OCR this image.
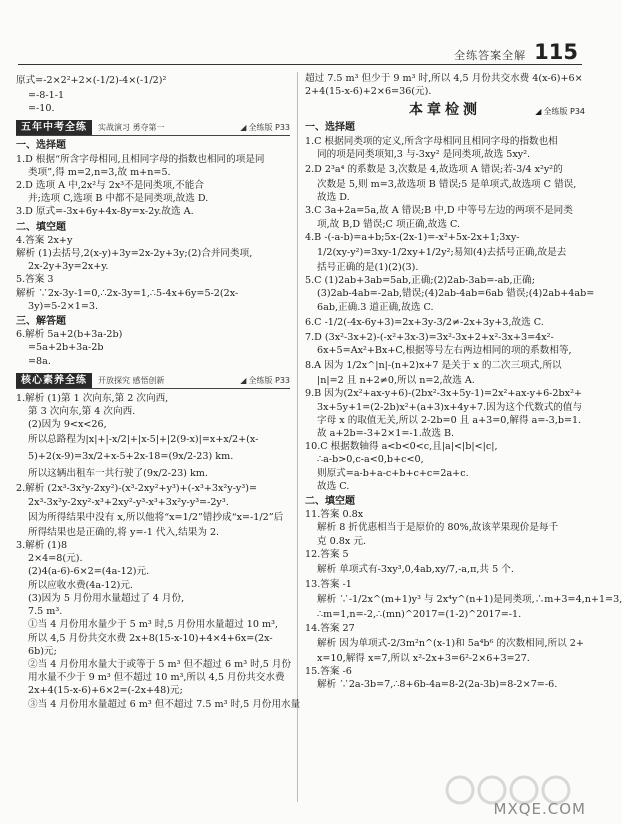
全练答案全解 115
原式=-2×2²+2×(-1/2)-4×(-1/2)²
=-8-1-1
=-10.
五年中考全练	实战演习 勇夺第一	◢ 全练版 P33
一、选择题
1.D 根据“所含字母相同,且相同字母的指数也相同的项是同
类项”,得 m=2,n=3,故 m+n=5.
2.D 选项 A 中,2x²与 2x³不是同类项,不能合
并;选项 C,选项 B 中都不是同类项,故选 D.
3.D 原式=-3x+6y+4x-8y=x-2y.故选 A.
二、填空题
4.答案 2x+y
解析 (1)去括号,2(x-y)+3y=2x-2y+3y;(2)合并同类项,
2x-2y+3y=2x+y.
5.答案 3
解析 ∵2x-3y-1=0,∴2x-3y=1,∴5-4x+6y=5-2(2x-
3y)=5-2×1=3.
三、解答题
6.解析 5a+2(b+3a-2b)
=5a+2b+3a-2b
=8a.
核心素养全练	开放探究 感悟创新	◢ 全练版 P33
1.解析 (1)第 1 次向东,第 2 次向西,
第 3 次向东,第 4 次向西.
(2)因为 9<x<26,
所以总路程为|x|+|-x/2|+|x-5|+|2(9-x)|=x+x/2+(x-
5)+2(x-9)=3x/2+x-5+2x-18=(9x/2-23) km.
所以这辆出租车一共行驶了(9x/2-23) km.
2.解析 (2x³-3x²y-2xy²)-(x³-2xy²+y³)+(-x³+3x²y-y³)=
2x³-3x²y-2xy²-x³+2xy²-y³-x³+3x²y-y³=-2y³.
因为所得结果中没有 x,所以他将“x=1/2”错抄成“x=-1/2”后
所得结果也是正确的,将 y=-1 代入,结果为 2.
3.解析 (1)8
2×4=8(元).
(2)4(a-6)-6×2=(4a-12)元.
所以应收水费(4a-12)元.
(3)因为 5 月份用水量超过了 4 月份,
7.5 m³.
①当 4 月份用水量少于 5 m³ 时,5 月份用水量超过 10 m³,
所以 4,5 月份共交水费 2x+8(15-x-10)+4×4+6x=(2x-
6b)元;
②当 4 月份用水量大于或等于 5 m³ 但不超过 6 m³ 时,5 月份
用水量不少于 9 m³ 但不超过 10 m³,所以 4,5 月份共交水费
2x+4(15-x-6)+6×2=(-2x+48)元;
③当 4 月份用水量超过 6 m³ 但不超过 7.5 m³ 时,5 月份用水量
超过 7.5 m³ 但少于 9 m³ 时,所以 4,5 月份共交水费 4(x-6)+6×
2+4(15-x-6)+2×6=36(元).
本章检测	◢ 全练版 P34
一、选择题
1.C 根据同类项的定义,所含字母相同且相同字母的指数也相
同的项是同类项知,3 与-3xy² 是同类项,故选 5xy².
2.D 2³a⁴ 的系数是 3,次数是 4,故选项 A 错误;若-3/4 x²y²的
次数是 5,则 m=3,故选项 B 错误;5 是单项式,故选项 C 错误,
故选 D.
3.C 3a+2a=5a,故 A 错误;B 中,D 中等号左边的两项不是同类
项,故 B,D 错误;C 项正确,故选 C.
4.B -(-a-b)=a+b;5x-(2x-1)=-x²+5x-2x+1;3xy-
1/2(xy-y²)=3xy-1/2xy+1/2y²;易知(4)去括号正确,故是去
括号正确的是(1)(2)(3).
5.C (1)2ab+3ab=5ab,正确;(2)2ab-3ab=-ab,正确;
(3)2ab-4ab=-2ab,错误;(4)2ab-4ab=6ab 错误;(4)2ab+4ab=
6ab,正确.3 道正确,故选 C.
6.C -1/2(-4x-6y+3)=2x+3y-3/2≠-2x+3y+3,故选 C.
7.D (3x²-3x+2)-(-x²+3x-3)=3x²-3x+2+x²-3x+3=4x²-
6x+5=Ax²+Bx+C,根据等号左右两边相同的项的系数相等,
8.A 因为 1/2x^|n|-(n+2)x+7 是关于 x 的二次三项式,所以
|n|=2 且 n+2≠0,所以 n=2,故选 A.
9.B 因为(2x²+ax-y+6)-(2bx²-3x+5y-1)=2x²+ax-y+6-2bx²+
3x+5y+1=(2-2b)x²+(a+3)x+4y+7.因为这个代数式的值与
字母 x 的取值无关,所以 2-2b=0 且 a+3=0,解得 a=-3,b=1.
故 a+2b=-3+2×1=-1.故选 B.
10.C 根据数轴得 a<b<0<c,且|a|<|b|<|c|,
∴a-b>0,c-a<0,b+c<0,
则原式=a-b+a-c+b+c+c=2a+c.
故选 C.
二、填空题
11.答案 0.8x
解析 8 折优惠相当于是原价的 80%,故该苹果现价是每千
克 0.8x 元.
12.答案 5
解析 单项式有-3xy³,0,4ab,xy/7,-a,π,共 5 个.
13.答案 -1
解析 ∵-1/2x^(m+1)y³ 与 2x⁴y^(n+1)是同类项,∴m+3=4,n+1=3,
∴m=1,n=-2,∴(mn)^2017=(1-2)^2017=-1.
14.答案 27
解析 因为单项式-2/3m²n^(x-1)和 5a⁴b⁶ 的次数相同,所以 2+
x=10,解得 x=7,所以 x²-2x+3=6²-2×6+3=27.
15.答案 -6
解析 ∵2a-3b=7,∴8+6b-4a=8-2(2a-3b)=8-2×7=-6.
MXQE.COM
